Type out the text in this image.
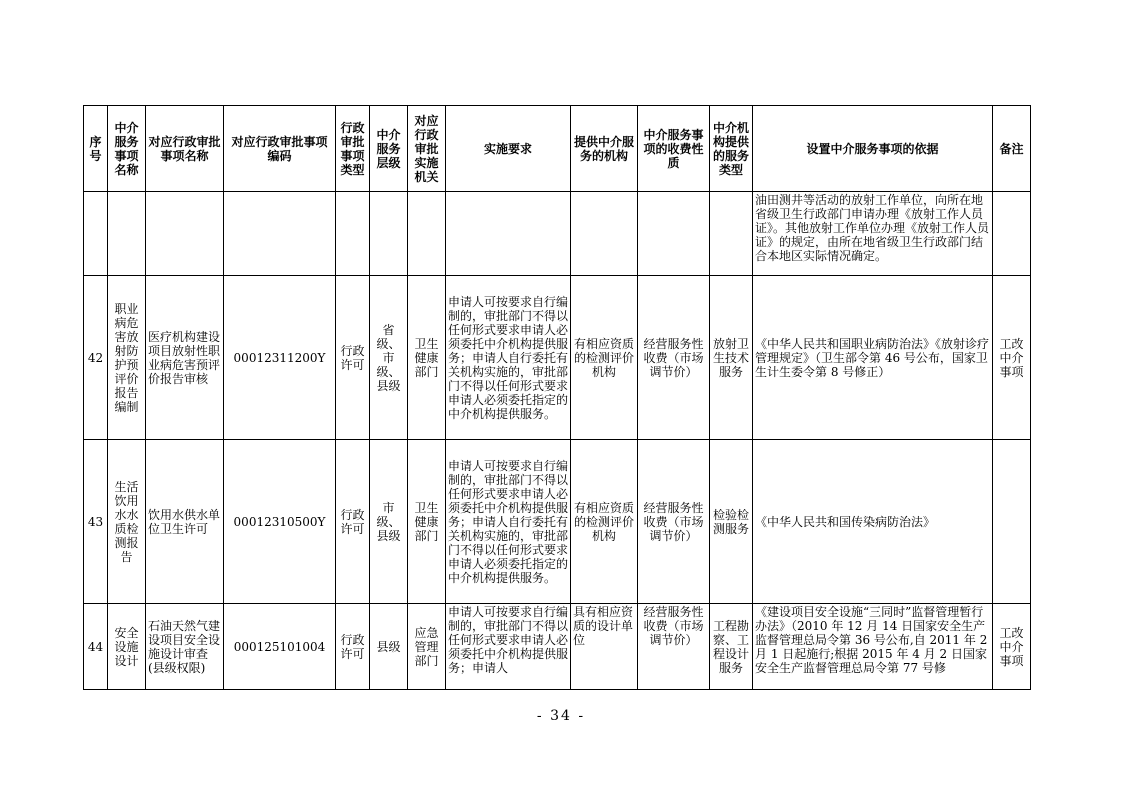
序号	中介服务事项名称	对应行政审批事项名称	对应行政审批事项编码	行政审批事项类型	中介服务层级	对应行政审批实施机关	实施要求	提供中介服务的机构	中介服务事项的收费性质	中介机构提供的服务类型	设置中介服务事项的依据	备注
											油田测井等活动的放射工作单位，向所在地省级卫生行政部门申请办理《放射工作人员证》。其他放射工作单位办理《放射工作人员证》的规定，由所在地省级卫生行政部门结合本地区实际情况确定。	
42	职业病危害放射防护预评价报告编制	医疗机构建设项目放射性职业病危害预评价报告审核	00012311200Y	行政许可	省级、市级、县级	卫生健康部门	申请人可按要求自行编制的，审批部门不得以任何形式要求申请人必须委托中介机构提供服务；申请人自行委托有关机构实施的，审批部门不得以任何形式要求申请人必须委托指定的中介机构提供服务。	有相应资质的检测评价机构	经营服务性收费（市场调节价）	放射卫生技术服务	《中华人民共和国职业病防治法》《放射诊疗管理规定》（卫生部令第 46 号公布，国家卫生计生委令第 8 号修正）	工改中介事项
43	生活饮用水水质检测报告	饮用水供水单位卫生许可	00012310500Y	行政许可	市级、县级	卫生健康部门	申请人可按要求自行编制的，审批部门不得以任何形式要求申请人必须委托中介机构提供服务；申请人自行委托有关机构实施的，审批部门不得以任何形式要求申请人必须委托指定的中介机构提供服务。	有相应资质的检测评价机构	经营服务性收费（市场调节价）	检验检测服务	《中华人民共和国传染病防治法》	
44	安全设施设计	石油天然气建设项目安全设施设计审查(县级权限)	000125101004	行政许可	县级	应急管理部门	申请人可按要求自行编制的，审批部门不得以任何形式要求申请人必须委托中介机构提供服务；申请人	具有相应资质的设计单位	经营服务性收费（市场调节价）	工程勘察、工程设计服务	《建设项目安全设施“三同时”监督管理暂行办法》（2010 年 12 月 14 日国家安全生产监督管理总局令第 36 号公布,自 2011 年 2 月 1 日起施行;根据 2015 年 4 月 2 日国家安全生产监督管理总局令第 77 号修	工改中介事项
- 34 -
